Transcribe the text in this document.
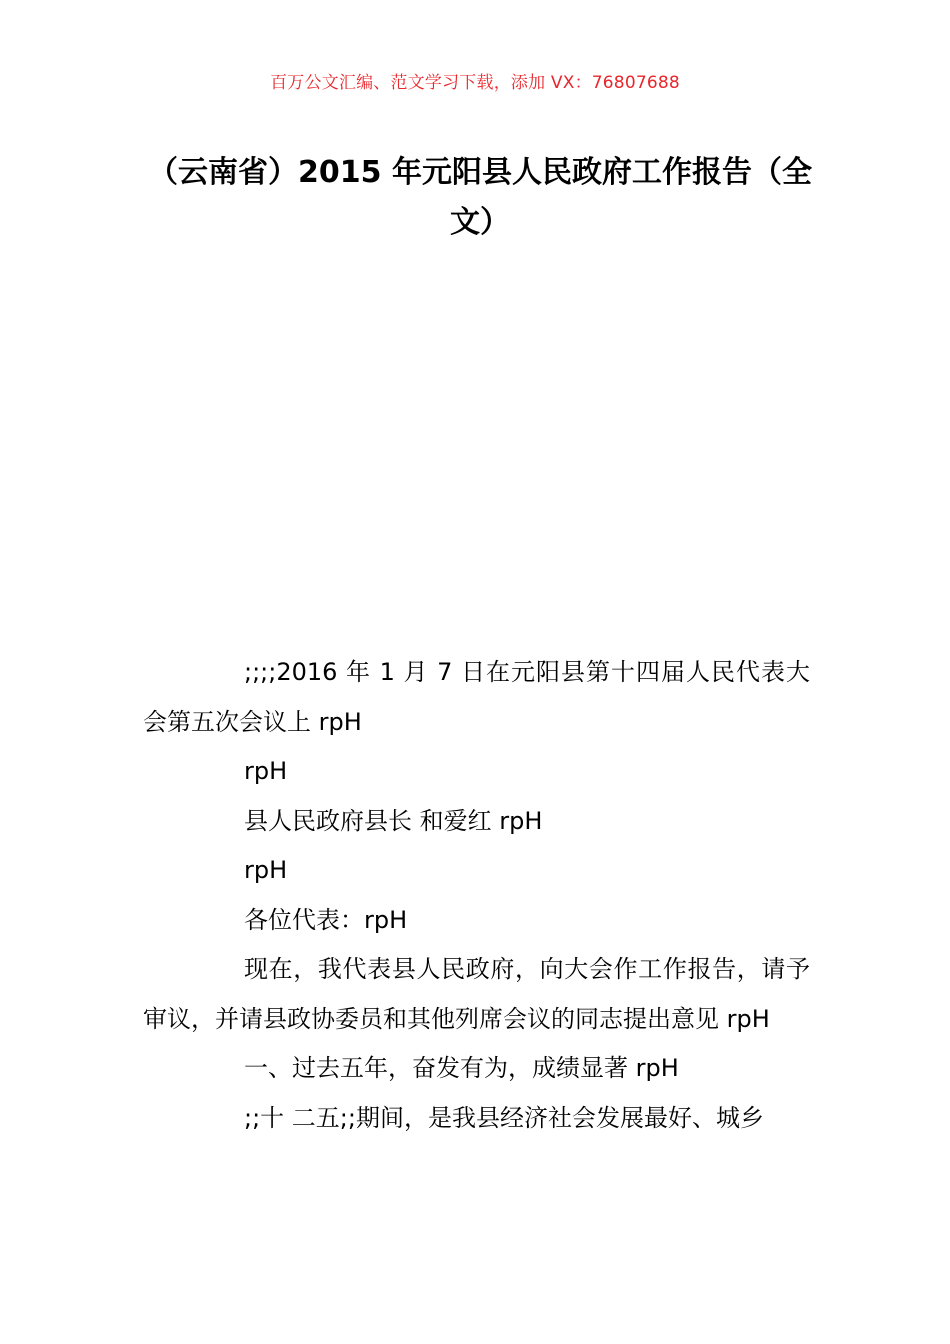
百万公文汇编、范文学习下载，添加 VX：76807688
（云南省）2015 年元阳县人民政府工作报告（全文）

;;;;2016 年 1 月 7 日在元阳县第十四届人民代表大会第五次会议上 rpH

rpH

县人民政府县长 和爱红 rpH

rpH

各位代表：rpH

现在，我代表县人民政府，向大会作工作报告，请予审议，并请县政协委员和其他列席会议的同志提出意见 rpH

一、过去五年，奋发有为，成绩显著 rpH

;;十 二五;;期间，是我县经济社会发展最好、城乡
